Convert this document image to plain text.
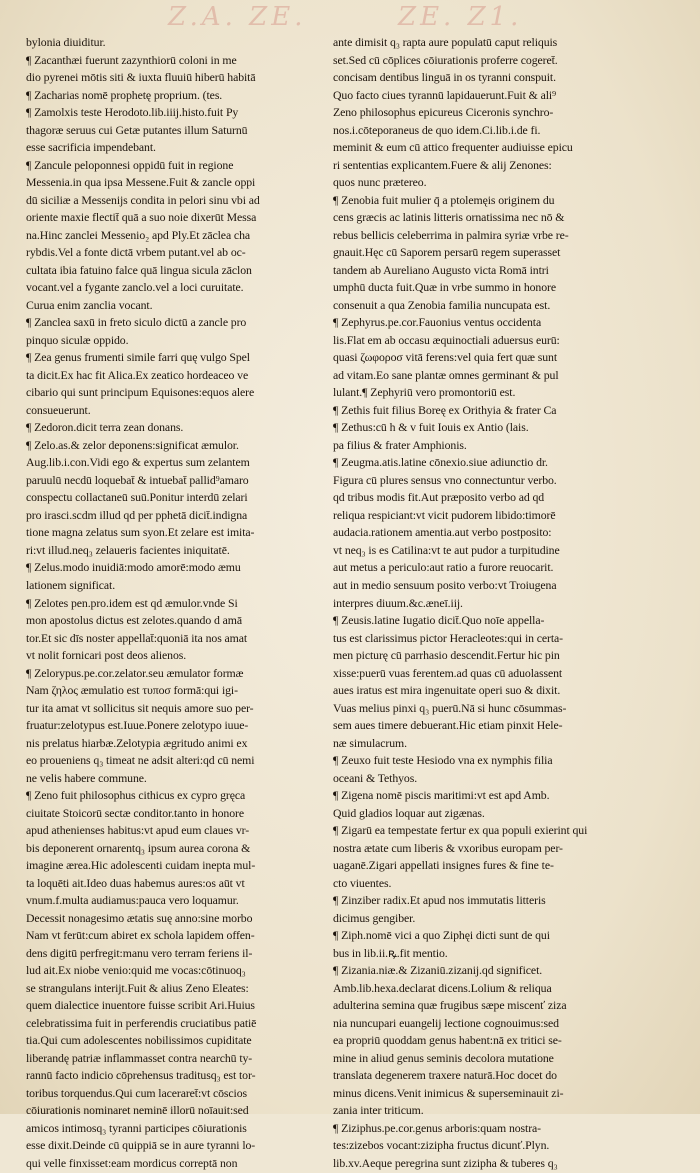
Z.A. ZE.	ZE. Z1.
bylonia diuiditur.
¶ Zacanthæi fuerunt zazynthiorū coloni in me
dio pyrenei mōtis siti & iuxta fluuiū hiberū habitā
¶ Zacharias nomē prophetę proprium. (tes.
¶ Zamolxis teste Herodoto.lib.iiij.histo.fuit Py
thagoræ seruus cui Getæ putantes illum Saturnū
esse sacrificia impendebant.
¶ Zancule peloponnesi oppidū fuit in regione
Messenia.in qua ipsa Messene.Fuit & zancle oppi
dū siciliæ a Messenijs condita in pelori sinu vbi ad
oriente maxie flectit̄ quā a suo noie dixerūt Messa
na.Hinc zanclei Messenio₂ apd Ply.Et zāclea cha
rybdis.Vel a fonte dictā vrbem putant.vel ab oc-
cultata ibia fatuino falce quā lingua sicula zāclon
vocant.vel a fygante zanclo.vel a loci curuitate.
Curua enim zanclia vocant.
¶ Zanclea saxū in freto siculo dictū a zancle pro
pinquo siculæ oppido.
¶ Zea genus frumenti simile farri quę vulgo Spel
ta dicit.Ex hac fit Alica.Ex zeatico hordeaceo ve
cibario qui sunt principum Equisones:equos alere
consueuerunt.
¶ Zedoron.dicit terra zean donans.
¶ Zelo.as.& zelor deponens:significat æmulor.
Aug.lib.i.con.Vidi ego & expertus sum zelantem
paruulū necdū loquebat̄ & intuebat̄ pallid⁹amaro
conspectu collactaneū suū.Ponitur interdū zelari
pro irasci.scdm illud qd per pphetā dicit̄.indigna
tione magna zelatus sum syon.Et zelare est imita-
ri:vt illud.neq₃ zelaueris facientes iniquitatē.
¶ Zelus.modo inuidiā:modo amorē:modo æmu
lationem significat.
¶ Zelotes pen.pro.idem est qd æmulor.vnde Si
mon apostolus dictus est zelotes.quando d amā
tor.Et sic dīs noster appellat̄:quoniā ita nos amat
vt nolit fornicari post deos alienos.
¶ Zelorypus.pe.cor.zelator.seu æmulator formæ
Nam ζηλος æmulatio est τυποσ formā:qui igi-
tur ita amat vt sollicitus sit nequis amore suo per-
fruatur:zelotypus est.Iuue.Ponere zelotypo iuue-
nis prelatus hiarbæ.Zelotypia ægritudo animi ex
eo proueniens q₃ timeat ne adsit alteri:qd cū nemi
ne velis habere commune.
¶ Zeno fuit philosophus cithicus ex cypro gręca
ciuitate Stoicorū sectæ conditor.tanto in honore
apud athenienses habitus:vt apud eum claues vr-
bis deponerent ornarentq₃ ipsum aurea corona &
imagine ærea.Hic adolescenti cuidam inepta mul-
ta loquēti ait.Ideo duas habemus aures:os aūt vt
vnum.f.multa audiamus:pauca vero loquamur.
Decessit nonagesimo ætatis suę anno:sine morbo
Nam vt ferūt:cum abiret ex schola lapidem offen-
dens digitū perfregit:manu vero terram feriens il-
lud ait.Ex niobe venio:quid me vocas:cōtinuoq₃
se strangulans interijt.Fuit & alius Zeno Eleates:
quem dialectice inuentore fuisse scribit Ari.Huius
celebratissima fuit in perferendis cruciatibus patiē
tia.Qui cum adolescentes nobilissimos cupiditate
liberandę patriæ inflammasset contra nearchū ty-
rannū facto indicio cōprehensus traditusq₃ est tor-
toribus torquendus.Qui cum laceraret̄:vt cōscios
cōiurationis nominaret neminē illorū noīauit:sed
amicos intimosq₃ tyranni participes cōiurationis
esse dixit.Deinde cū quippiā se in aure tyranni lo-
qui velle finxisset:eam mordicus correptā non
ante dimisit q₃ rapta aure populatū caput reliquis
set.Sed cū cōplices cōiurationis proferre cogeret̄.
concisam dentibus linguā in os tyranni conspuit.
Quo facto ciues tyrannū lapidauerunt.Fuit & ali⁹
Zeno philosophus epicureus Ciceronis synchro-
nos.i.cōteporaneus de quo idem.Ci.lib.i.de fi.
meminit & eum cū attico frequenter audiuisse epicu
ri sententias explicantem.Fuere & alij Zenones:
quos nunc prætereo.
¶ Zenobia fuit mulier q̄ a ptolemęis originem du
cens græcis ac latinis litteris ornatissima nec nō &
rebus bellicis celeberrima in palmira syriæ vrbe re-
gnauit.Hęc cū Saporem persarū regem superasset
tandem ab Aureliano Augusto victa Romā intri
umphū ducta fuit.Quæ in vrbe summo in honore
consenuit a qua Zenobia familia nuncupata est.
¶ Zephyrus.pe.cor.Fauonius ventus occidenta
lis.Flat em ab occasu æquinoctiali aduersus eurū:
quasi ζωφοροσ vitā ferens:vel quia fert quæ sunt
ad vitam.Eo sane plantæ omnes germinant & pul
lulant.¶ Zephyriū vero promontoriū est.
¶ Zethis fuit filius Boreę ex Orithyia & frater Ca
¶ Zethus:cū h & v fuit Iouis ex Antio (lais.
pa filius & frater Amphionis.
¶ Zeugma.atis.latine cōnexio.siue adiunctio dr.
Figura cū plures sensus vno connectuntur verbo.
qd tribus modis fit.Aut præposito verbo ad qd
reliqua respiciant:vt vicit pudorem libido:timorē
audacia.rationem amentia.aut verbo postposito:
vt neq₃ is es Catilina:vt te aut pudor a turpitudine
aut metus a periculo:aut ratio a furore reuocarit.
aut in medio sensuum posito verbo:vt Troiugena
interpres diuum.&c.æneī.iij.
¶ Zeusis.latine Iugatio dicit̄.Quo noīe appella-
tus est clarissimus pictor Heracleotes:qui in certa-
men picturę cū parrhasio descendit.Fertur hic pin
xisse:puerū vuas ferentem.ad quas cū aduolassent
aues iratus est mira ingenuitate operi suo & dixit.
Vuas melius pinxi q₃ puerū.Nā si hunc cōsummas-
sem aues timere debuerant.Hic etiam pinxit Hele-
næ simulacrum.
¶ Zeuxo fuit teste Hesiodo vna ex nymphis filia
oceani & Tethyos.
¶ Zigena nomē piscis maritimi:vt est apd Amb.
Quid gladios loquar aut zigænas.
¶ Zigarū ea tempestate fertur ex qua populi exierint qui
nostra ætate cum liberis & vxoribus europam per-
uaganē.Zigari appellati insignes fures & fine te-
cto viuentes.
¶ Zinziber radix.Et apud nos immutatis litteris
dicimus gengiber.
¶ Ziph.nomē vici a quo Ziphęi dicti sunt de qui
bus in lib.ii.ꝶ.fit mentio.
¶ Zizania.niæ.& Zizaniū.zizanij.qd significet.
Amb.lib.hexa.declarat dicens.Lolium & reliqua
adulterina semina quæ frugibus sæpe miscenť ziza
nia nuncupari euangelij lectione cognouimus:sed
ea propriū quoddam genus habent:nā ex tritici se-
mine in aliud genus seminis decolora mutatione
translata degenerem traxere naturā.Hoc docet do
minus dicens.Venit inimicus & superseminauit zi-
zania inter triticum.
¶ Ziziphus.pe.cor.genus arboris:quam nostra-
tes:zizebos vocant:zizipha fructus dicunť.Plyn.
lib.xv.Aeque peregrina sunt zizipha & tuberes q₃
